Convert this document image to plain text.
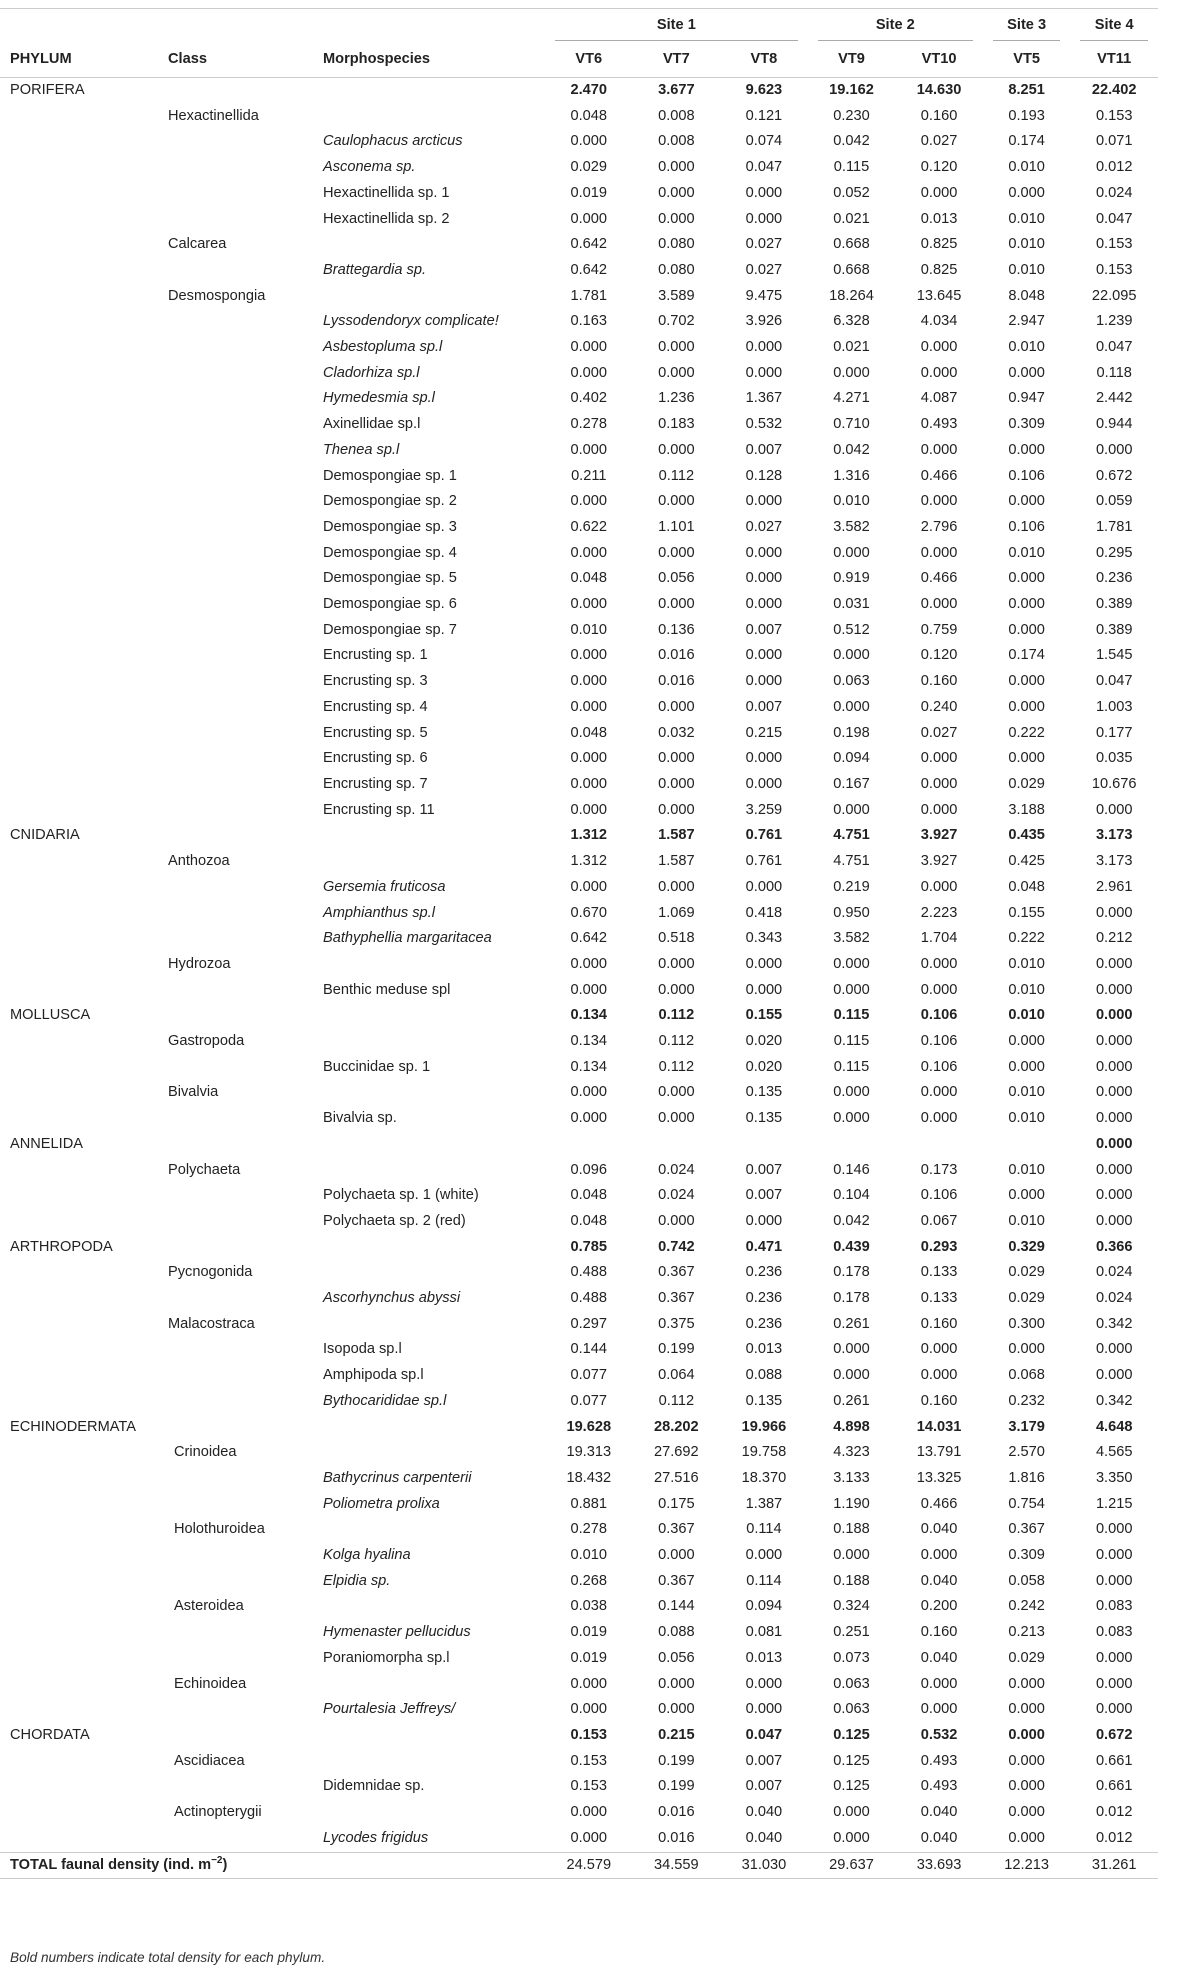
			Site 1			Site 2		Site 3	Site 4

PHYLUM	Class	Morphospecies	VT6	VT7	VT8	VT9	VT10	VT5	VT11
PORIFERA			2.470	3.677	9.623	19.162	14.630	8.251	22.402
	Hexactinellida		0.048	0.008	0.121	0.230	0.160	0.193	0.153
		Caulophacus arcticus	0.000	0.008	0.074	0.042	0.027	0.174	0.071
		Asconema sp.	0.029	0.000	0.047	0.115	0.120	0.010	0.012
		Hexactinellida sp. 1	0.019	0.000	0.000	0.052	0.000	0.000	0.024
		Hexactinellida sp. 2	0.000	0.000	0.000	0.021	0.013	0.010	0.047
	Calcarea		0.642	0.080	0.027	0.668	0.825	0.010	0.153
		Brattegardia sp.	0.642	0.080	0.027	0.668	0.825	0.010	0.153
	Desmospongia		1.781	3.589	9.475	18.264	13.645	8.048	22.095
		Lyssodendoryx complicate!	0.163	0.702	3.926	6.328	4.034	2.947	1.239
		Asbestopluma sp.l	0.000	0.000	0.000	0.021	0.000	0.010	0.047
		Cladorhiza sp.l	0.000	0.000	0.000	0.000	0.000	0.000	0.118
		Hymedesmia sp.l	0.402	1.236	1.367	4.271	4.087	0.947	2.442
		Axinellidae sp.l	0.278	0.183	0.532	0.710	0.493	0.309	0.944
		Thenea sp.l	0.000	0.000	0.007	0.042	0.000	0.000	0.000
		Demospongiae sp. 1	0.211	0.112	0.128	1.316	0.466	0.106	0.672
		Demospongiae sp. 2	0.000	0.000	0.000	0.010	0.000	0.000	0.059
		Demospongiae sp. 3	0.622	1.101	0.027	3.582	2.796	0.106	1.781
		Demospongiae sp. 4	0.000	0.000	0.000	0.000	0.000	0.010	0.295
		Demospongiae sp. 5	0.048	0.056	0.000	0.919	0.466	0.000	0.236
		Demospongiae sp. 6	0.000	0.000	0.000	0.031	0.000	0.000	0.389
		Demospongiae sp. 7	0.010	0.136	0.007	0.512	0.759	0.000	0.389
		Encrusting sp. 1	0.000	0.016	0.000	0.000	0.120	0.174	1.545
		Encrusting sp. 3	0.000	0.016	0.000	0.063	0.160	0.000	0.047
		Encrusting sp. 4	0.000	0.000	0.007	0.000	0.240	0.000	1.003
		Encrusting sp. 5	0.048	0.032	0.215	0.198	0.027	0.222	0.177
		Encrusting sp. 6	0.000	0.000	0.000	0.094	0.000	0.000	0.035
		Encrusting sp. 7	0.000	0.000	0.000	0.167	0.000	0.029	10.676
		Encrusting sp. 11	0.000	0.000	3.259	0.000	0.000	3.188	0.000
CNIDARIA			1.312	1.587	0.761	4.751	3.927	0.435	3.173
	Anthozoa		1.312	1.587	0.761	4.751	3.927	0.425	3.173
		Gersemia fruticosa	0.000	0.000	0.000	0.219	0.000	0.048	2.961
		Amphianthus sp.l	0.670	1.069	0.418	0.950	2.223	0.155	0.000
		Bathyphellia margaritacea	0.642	0.518	0.343	3.582	1.704	0.222	0.212
	Hydrozoa		0.000	0.000	0.000	0.000	0.000	0.010	0.000
		Benthic meduse spl	0.000	0.000	0.000	0.000	0.000	0.010	0.000
MOLLUSCA			0.134	0.112	0.155	0.115	0.106	0.010	0.000
	Gastropoda		0.134	0.112	0.020	0.115	0.106	0.000	0.000
		Buccinidae sp. 1	0.134	0.112	0.020	0.115	0.106	0.000	0.000
	Bivalvia		0.000	0.000	0.135	0.000	0.000	0.010	0.000
		Bivalvia sp.	0.000	0.000	0.135	0.000	0.000	0.010	0.000
ANNELIDA									0.000
	Polychaeta		0.096	0.024	0.007	0.146	0.173	0.010	0.000
		Polychaeta sp. 1 (white)	0.048	0.024	0.007	0.104	0.106	0.000	0.000
		Polychaeta sp. 2 (red)	0.048	0.000	0.000	0.042	0.067	0.010	0.000
ARTHROPODA			0.785	0.742	0.471	0.439	0.293	0.329	0.366
	Pycnogonida		0.488	0.367	0.236	0.178	0.133	0.029	0.024
		Ascorhynchus abyssi	0.488	0.367	0.236	0.178	0.133	0.029	0.024
	Malacostraca		0.297	0.375	0.236	0.261	0.160	0.300	0.342
		Isopoda sp.l	0.144	0.199	0.013	0.000	0.000	0.000	0.000
		Amphipoda sp.l	0.077	0.064	0.088	0.000	0.000	0.068	0.000
		Bythocarididae sp.l	0.077	0.112	0.135	0.261	0.160	0.232	0.342
ECHINODERMATA			19.628	28.202	19.966	4.898	14.031	3.179	4.648
	Crinoidea		19.313	27.692	19.758	4.323	13.791	2.570	4.565
		Bathycrinus carpenterii	18.432	27.516	18.370	3.133	13.325	1.816	3.350
		Poliometra prolixa	0.881	0.175	1.387	1.190	0.466	0.754	1.215
	Holothuroidea		0.278	0.367	0.114	0.188	0.040	0.367	0.000
		Kolga hyalina	0.010	0.000	0.000	0.000	0.000	0.309	0.000
		Elpidia sp.	0.268	0.367	0.114	0.188	0.040	0.058	0.000
	Asteroidea		0.038	0.144	0.094	0.324	0.200	0.242	0.083
		Hymenaster pellucidus	0.019	0.088	0.081	0.251	0.160	0.213	0.083
		Poraniomorpha sp.l	0.019	0.056	0.013	0.073	0.040	0.029	0.000
	Echinoidea		0.000	0.000	0.000	0.063	0.000	0.000	0.000
		Pourtalesia Jeffreys/	0.000	0.000	0.000	0.063	0.000	0.000	0.000
CHORDATA			0.153	0.215	0.047	0.125	0.532	0.000	0.672
	Ascidiacea		0.153	0.199	0.007	0.125	0.493	0.000	0.661
		Didemnidae sp.	0.153	0.199	0.007	0.125	0.493	0.000	0.661
	Actinopterygii		0.000	0.016	0.040	0.000	0.040	0.000	0.012
		Lycodes frigidus	0.000	0.016	0.040	0.000	0.040	0.000	0.012
TOTAL faunal density (ind. $m^{-2}$)			24.579	34.559	31.030	29.637	33.693	12.213	31.261
Bold numbers indicate total density for each phylum.
